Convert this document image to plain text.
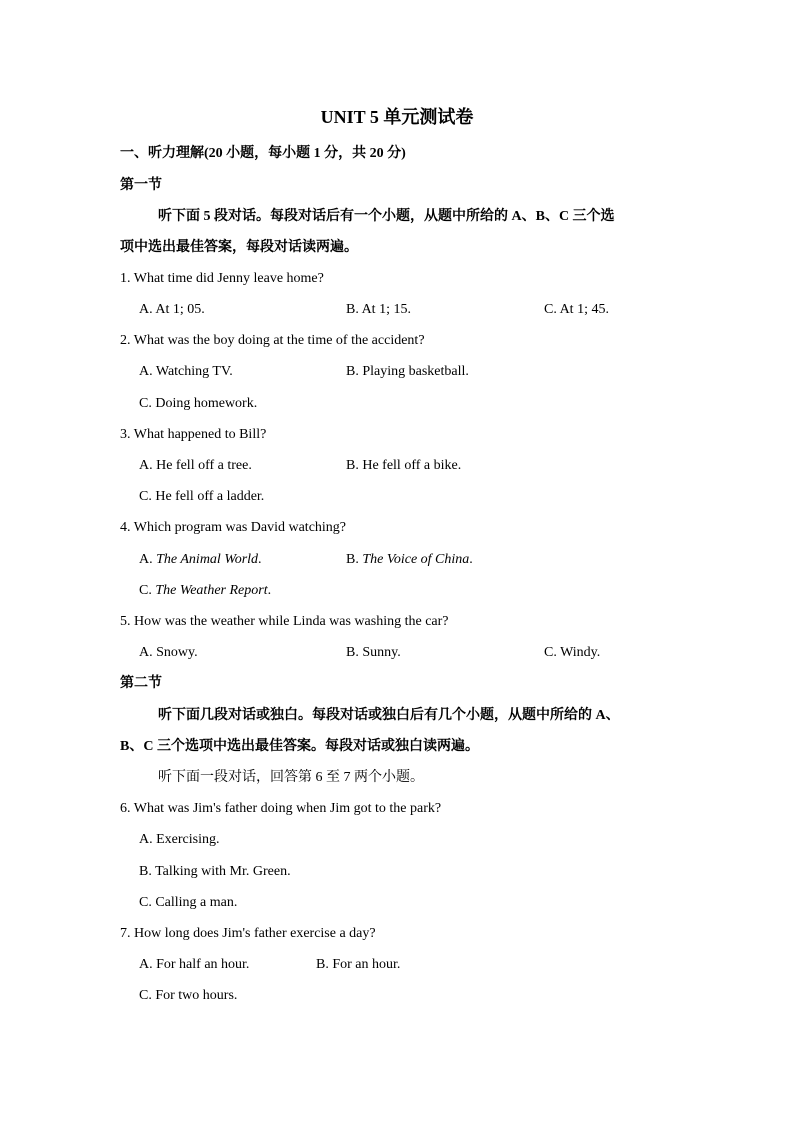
UNIT 5 单元测试卷
一、听力理解(20 小题，每小题 1 分，共 20 分)
第一节
听下面 5 段对话。每段对话后有一个小题，从题中所给的 A、B、C 三个选
项中选出最佳答案，每段对话读两遍。
1. What time did Jenny leave home?
A. At 1; 05.	B. At 1; 15.	C. At 1; 45.
2. What was the boy doing at the time of the accident?
A. Watching TV.	B. Playing basketball.
C. Doing homework.
3. What happened to Bill?
A. He fell off a tree.	B. He fell off a bike.
C. He fell off a ladder.
4. Which program was David watching?
A. The Animal World.	B. The Voice of China.
C. The Weather Report.
5. How was the weather while Linda was washing the car?
A. Snowy.	B. Sunny.	C. Windy.
第二节
听下面几段对话或独白。每段对话或独白后有几个小题，从题中所给的 A、
B、C 三个选项中选出最佳答案。每段对话或独白读两遍。
听下面一段对话，回答第 6 至 7 两个小题。
6. What was Jim's father doing when Jim got to the park?
A. Exercising.
B. Talking with Mr. Green.
C. Calling a man.
7. How long does Jim's father exercise a day?
A. For half an hour.	B. For an hour.
C. For two hours.
